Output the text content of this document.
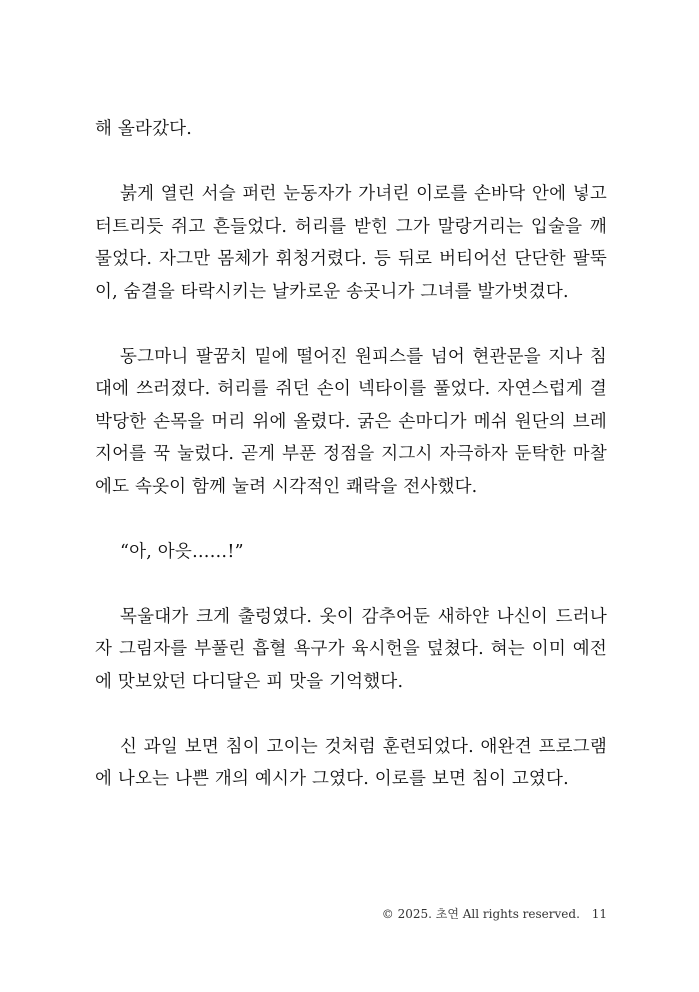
해 올라갔다.

붉게 열린 서슬 퍼런 눈동자가 가녀린 이로를 손바닥 안에 넣고 터트리듯 쥐고 흔들었다. 허리를 받힌 그가 말랑거리는 입술을 깨물었다. 자그만 몸체가 휘청거렸다. 등 뒤로 버티어선 단단한 팔뚝이, 숨결을 타락시키는 날카로운 송곳니가 그녀를 발가벗겼다.

동그마니 팔꿈치 밑에 떨어진 원피스를 넘어 현관문을 지나 침대에 쓰러졌다. 허리를 쥐던 손이 넥타이를 풀었다. 자연스럽게 결박당한 손목을 머리 위에 올렸다. 굵은 손마디가 메쉬 원단의 브레지어를 꾹 눌렀다. 곧게 부푼 정점을 지그시 자극하자 둔탁한 마찰에도 속옷이 함께 눌려 시각적인 쾌락을 전사했다.

“아, 아읏……!”

목울대가 크게 출렁였다. 옷이 감추어둔 새하얀 나신이 드러나자 그림자를 부풀린 흡혈 욕구가 육시헌을 덮쳤다. 혀는 이미 예전에 맛보았던 다디달은 피 맛을 기억했다.

신 과일 보면 침이 고이는 것처럼 훈련되었다. 애완견 프로그램에 나오는 나쁜 개의 예시가 그였다. 이로를 보면 침이 고였다.

© 2025. 초연 All rights reserved. 11
